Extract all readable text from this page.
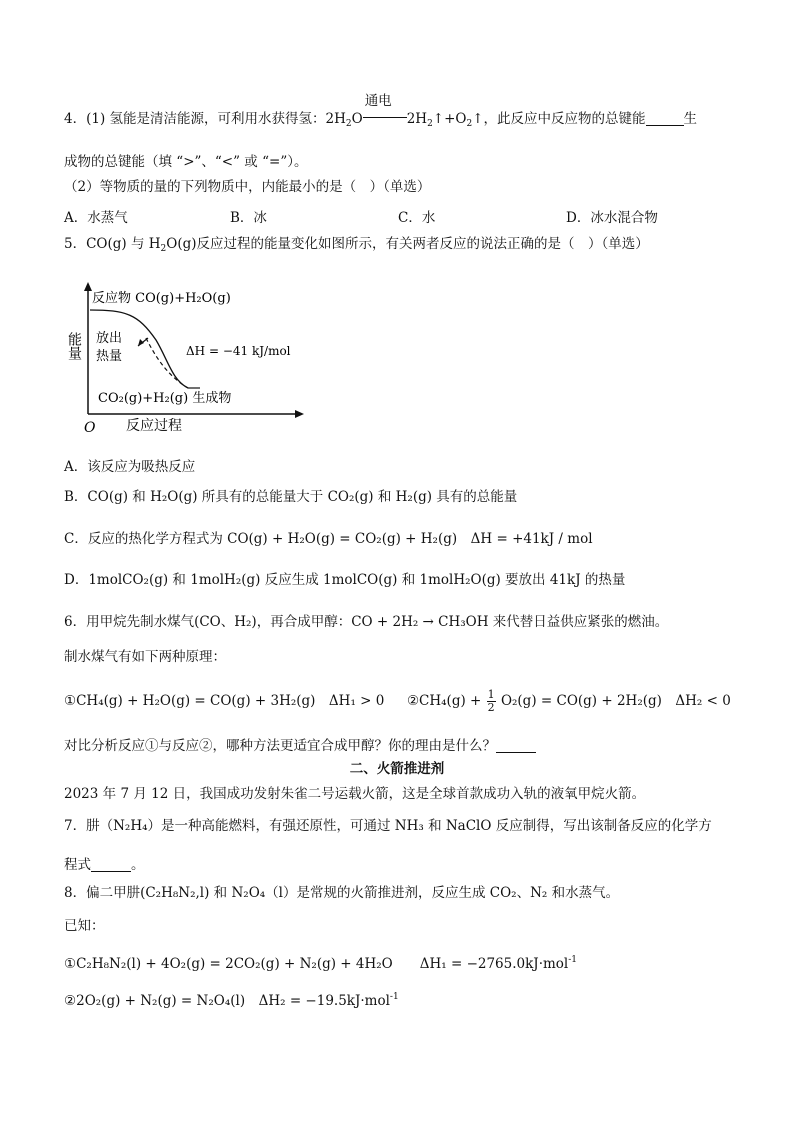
4．(1) 氢能是清洁能源，可利用水获得氢：$2H_2O$
通电
$2H_2↑+O_2↑$，此反应中反应物的总键能	生
成物的总键能（填 “>”、“<” 或 “=”）。
（2）等物质的量的下列物质中，内能最小的是（　）（单选）
A．水蒸气	B．冰	C．水	D．冰水混合物
5．CO(g) 与 $H_2O(g)$反应过程的能量变化如图所示，有关两者反应的说法正确的是（　）（单选）
能量
O 反应过程
反应物 CO(g)+H₂O(g)
放出
热量	ΔH = −41 kJ/mol
CO₂(g)+H₂(g) 生成物
A．该反应为吸热反应
B．CO(g) 和 H₂O(g) 所具有的总能量大于 CO₂(g) 和 H₂(g) 具有的总能量
C．反应的热化学方程式为 CO(g) + H₂O(g) = CO₂(g) + H₂(g)　ΔH = +41kJ / mol
D．1molCO₂(g) 和 1molH₂(g) 反应生成 1molCO(g) 和 1molH₂O(g) 要放出 41kJ 的热量
6．用甲烷先制水煤气(CO、H₂)，再合成甲醇：CO + 2H₂ → CH₃OH 来代替日益供应紧张的燃油。
制水煤气有如下两种原理：
①CH₄(g) + H₂O(g) = CO(g) + 3H₂(g)　ΔH₁ > 0 ②CH₄(g) + $\frac{1}{2} O_2(g) = CO(g) + 2H_2(g)$　ΔH₂ < 0
对比分析反应①与反应②，哪种方法更适宜合成甲醇？你的理由是什么？
二、火箭推进剂
2023 年 7 月 12 日，我国成功发射朱雀二号运载火箭，这是全球首款成功入轨的液氧甲烷火箭。
7．肼（N₂H₄）是一种高能燃料，有强还原性，可通过 NH₃ 和 NaClO 反应制得，写出该制备反应的化学方
程式	。
8．偏二甲肼(C₂H₈N₂,l) 和 N₂O₄（l）是常规的火箭推进剂，反应生成 CO₂、N₂ 和水蒸气。
已知：
①C₂H₈N₂(l) + 4O₂(g) = 2CO₂(g) + N₂(g) + 4H₂O　　ΔH₁ = −2765.0kJ·mol$^{-1}$
②2O₂(g) + N₂(g) = N₂O₄(l)　ΔH₂ = −19.5kJ·mol$^{-1}$
